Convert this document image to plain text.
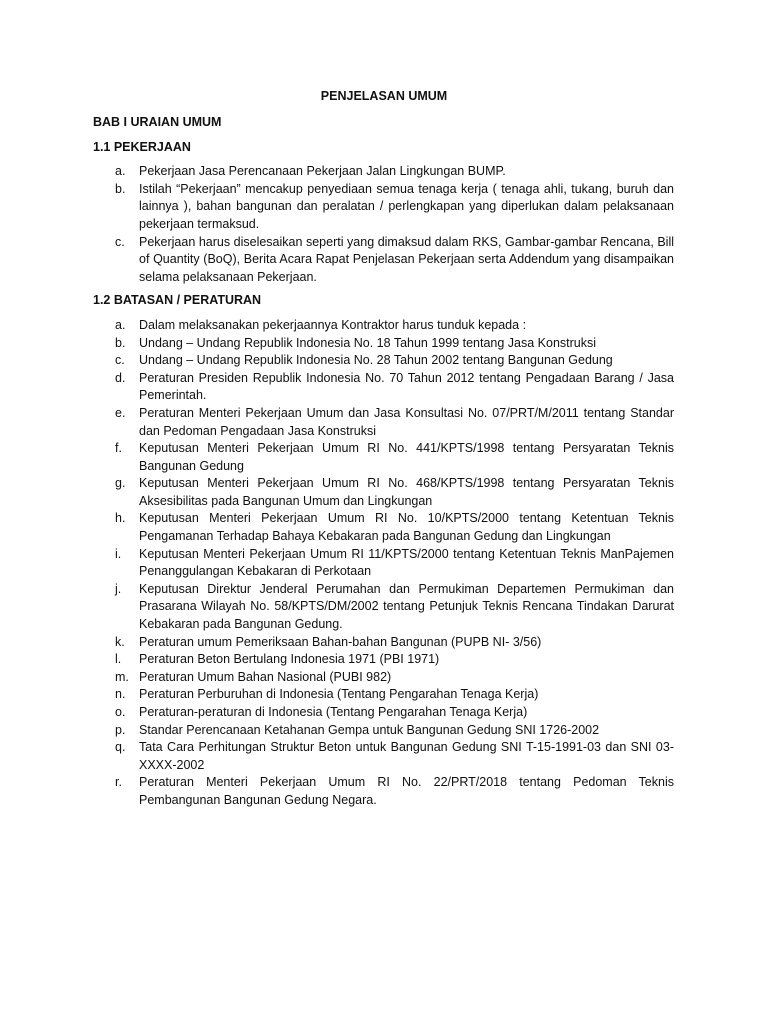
PENJELASAN UMUM

BAB I URAIAN UMUM

1.1 PEKERJAAN

a.	Pekerjaan Jasa Perencanaan Pekerjaan Jalan Lingkungan BUMP.
b.	Istilah “Pekerjaan” mencakup penyediaan semua tenaga kerja ( tenaga ahli, tukang, buruh dan lainnya ), bahan bangunan dan peralatan / perlengkapan yang diperlukan dalam pelaksanaan pekerjaan termaksud.
c.	Pekerjaan harus diselesaikan seperti yang dimaksud dalam RKS, Gambar-gambar Rencana, Bill of Quantity (BoQ), Berita Acara Rapat Penjelasan Pekerjaan serta Addendum yang disampaikan selama pelaksanaan Pekerjaan.

1.2 BATASAN / PERATURAN

a.	Dalam melaksanakan pekerjaannya Kontraktor harus tunduk kepada :
b.	Undang – Undang Republik Indonesia No. 18 Tahun 1999 tentang Jasa Konstruksi
c.	Undang – Undang Republik Indonesia No. 28 Tahun 2002 tentang Bangunan Gedung
d.	Peraturan Presiden Republik Indonesia No. 70 Tahun 2012 tentang Pengadaan Barang / Jasa Pemerintah.
e.	Peraturan Menteri Pekerjaan Umum dan Jasa Konsultasi No. 07/PRT/M/2011 tentang Standar dan Pedoman Pengadaan Jasa Konstruksi
f.	Keputusan Menteri Pekerjaan Umum RI No. 441/KPTS/1998 tentang Persyaratan Teknis Bangunan Gedung
g.	Keputusan Menteri Pekerjaan Umum RI No. 468/KPTS/1998 tentang Persyaratan Teknis Aksesibilitas pada Bangunan Umum dan Lingkungan
h.	Keputusan Menteri Pekerjaan Umum RI No. 10/KPTS/2000 tentang Ketentuan Teknis Pengamanan Terhadap Bahaya Kebakaran pada Bangunan Gedung dan Lingkungan
i.	Keputusan Menteri Pekerjaan Umum RI 11/KPTS/2000 tentang Ketentuan Teknis ManPajemen Penanggulangan Kebakaran di Perkotaan
j.	Keputusan Direktur Jenderal Perumahan dan Permukiman Departemen Permukiman dan Prasarana Wilayah No. 58/KPTS/DM/2002 tentang Petunjuk Teknis Rencana Tindakan Darurat Kebakaran pada Bangunan Gedung.
k.	Peraturan umum Pemeriksaan Bahan-bahan Bangunan (PUPB NI- 3/56)
l.	Peraturan Beton Bertulang Indonesia 1971 (PBI 1971)
m. Peraturan Umum Bahan Nasional (PUBI 982)
n.	Peraturan Perburuhan di Indonesia (Tentang Pengarahan Tenaga Kerja)
o.	Peraturan-peraturan di Indonesia (Tentang Pengarahan Tenaga Kerja)
p.	Standar Perencanaan Ketahanan Gempa untuk Bangunan Gedung SNI 1726-2002
q.	Tata Cara Perhitungan Struktur Beton untuk Bangunan Gedung SNI T-15-1991-03 dan SNI 03-XXXX-2002
r.	Peraturan Menteri Pekerjaan Umum RI No. 22/PRT/2018 tentang Pedoman Teknis Pembangunan Bangunan Gedung Negara.
